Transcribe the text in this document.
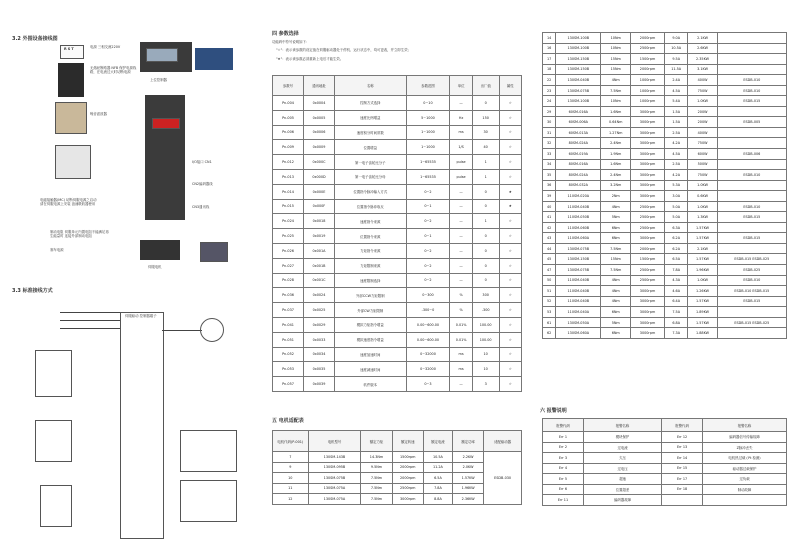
3.2 外围设备接线图
R S T	电源 三相交流220V
无熔丝断路器 NFB 保护电源线路，在电流过大时切断电源
噪音滤波器
电磁接触器(MC) 切断伺服电源之启动 请在伺服电源上安装 浪涌吸收器使用
上位控制器
I/O接口 CN1
CN2编码器线
CN3通讯线
制动电阻 伺服单元内置电阻不能满足再生能量时 连接外部制动电阻
刹车电源
伺服电机
3.3 标准接线方式
伺服驱动 控制器端子
四 参数选择
功能码中符号说明如下：
"☆"：表示该参数的设定值在伺服驱动器处于停机、运行状态中，均可更改，并立即生效；
"★"：表示该参数必须重新上电后才能生效。
参数号	通讯地址	名称	参数范围	单位	出厂值	属性
Pn-004	0x0004	控制方式选择	0~10	—	0	☆
Pn-005	0x0005	速度比例增益	5~1000	Hz	150	☆
Pn-006	0x0006	速度积分时间常数	1~1000	ms	30	☆
Pn-009	0x0009	位置增益	1~1000	1/S	40	☆
Pn-012	0x000C	第一电子齿轮比分子	1~65535	pulse	1	☆
Pn-013	0x000D	第一电子齿轮比分母	1~65535	pulse	1	☆
Pn-014	0x000E	位置指令脉冲输入方式	0~2	—	0	★
Pn-015	0x000F	位置指令脉冲取反	0~1	—	0	★
Pn-024	0x0018	速度指令来源	0~2	—	1	☆
Pn-025	0x0019	位置指令来源	0~1	—	0	☆
Pn-026	0x001A	力矩指令来源	0~2	—	0	☆
Pn-027	0x001B	力矩限制来源	0~2	—	0	☆
Pn-028	0x001C	速度限制选择	0~2	—	0	☆
Pn-036	0x0024	外部CCW力矩限制	0~300	%	300	☆
Pn-037	0x0025	外部CW力矩限制	-300~0	%	-300	☆
Pn-041	0x0029	模拟力矩指令增益	0.00~600.00	0.01%	100.00	☆
Pn-051	0x0033	模拟速度指令增益	0.00~600.00	0.01%	100.00	☆
Pn-052	0x0034	速度加速时间	0~32000	ms	10	☆
Pn-053	0x0035	速度减速时间	0~32000	ms	10	☆
Pn-057	0x0039	软件版本	0~3	—	3	☆
五 电机适配表
电机代码(P-001)	电机型号	额定力矩	额定转速	额定电流	额定功率	适配驱动器
7	130SM-143B	14.3Nm	1500rpm	10.5A	2.2KW	ESDB-030
9	130SM-095B	9.5Nm	2000rpm	11.2A	2.0KW	
10	130SM-075B	7.5Nm	2000rpm	6.5A	1.57KW	
11	130SM-075A	7.5Nm	2500rpm	7.8A	1.96KW	
12	130SM-075A	7.5Nm	3000rpm	8.8A	2.36KW	
14	130SM-100B	10Nm	2000rpm	9.0A	2.1KW	
16	130SM-100B	10Nm	2500rpm	10.5A	2.6KW	
17	130SM-150B	15Nm	1500rpm	9.5A	2.35KW	
18	130SM-150B	15Nm	2000rpm	11.5A	3.1KW	
22	130SM-040B	4Nm	1000rpm	2.4A	400W	ESDB-010
23	130SM-075B	7.5Nm	1000rpm	4.5A	750W	ESDB-010
24	130SM-100B	10Nm	1000rpm	5.4A	1.0KW	ESDB-015
29	60SM-016A	1.6Nm	3000rpm	1.5A	200W	
30	60SM-006A	0.64Nm	3000rpm	1.5A	200W	ESDB-005
31	60SM-013A	1.27Nm	3000rpm	2.5A	400W	
32	80SM-024A	2.4Nm	3000rpm	4.2A	750W	
33	60SM-019A	1.9Nm	3000rpm	4.5A	600W	ESDB-006
34	80SM-016A	1.6Nm	3000rpm	2.5A	500W	
35	80SM-024A	2.4Nm	3000rpm	4.2A	750W	ESDB-010
36	80SM-032A	3.2Nm	3000rpm	5.3A	1.0KW	
39	110SM-020A	2Nm	3000rpm	3.0A	0.6KW	
40	110SM-040B	4Nm	2500rpm	5.0A	1.0KW	ESDB-010
41	110SM-050B	5Nm	2500rpm	5.0A	1.3KW	ESDB-015
42	110SM-060B	6Nm	2500rpm	6.3A	1.57KW	
43	110SM-060A	6Nm	3000rpm	6.2A	1.57KW	ESDB-015
44	130SM-075B	7.5Nm	2000rpm	6.2A	2.1KW	
45	130SM-150B	15Nm	1500rpm	6.5A	1.57KW	ESDB-015 ESDB-025
47	130SM-075B	7.5Nm	2500rpm	7.8A	1.96KW	ESDB-025
50	110SM-040B	4Nm	2500rpm	4.3A	1.0KW	ESDB-010
51	110SM-040B	4Nm	3000rpm	4.6A	1.26KW	ESDB-010 ESDB-015
52	110SM-040B	4Nm	3000rpm	6.4A	1.57KW	ESDB-015
53	110SM-040A	6Nm	3000rpm	7.5A	1.89KW	
61	130SM-050A	5Nm	3000rpm	6.8A	1.57KW	ESDB-015 ESDB-025
62	130SM-060A	6Nm	3000rpm	7.3A	1.88KW	
六 报警说明
报警代码	报警名称	报警代码	报警名称
Err 1	模块保护	Err 12	编码器信号传输故障
Err 2	过电流	Err 13	Z脉冲丢失
Err 3	欠压	Err 14	电机热过载 (I²t 检测)
Err 4	过电压	Err 15	驱动器过载保护
Err 5	超速	Err 17	过负载
Err 6	位置超差	Err 18	制动故障
Err 11	编码器故障		
